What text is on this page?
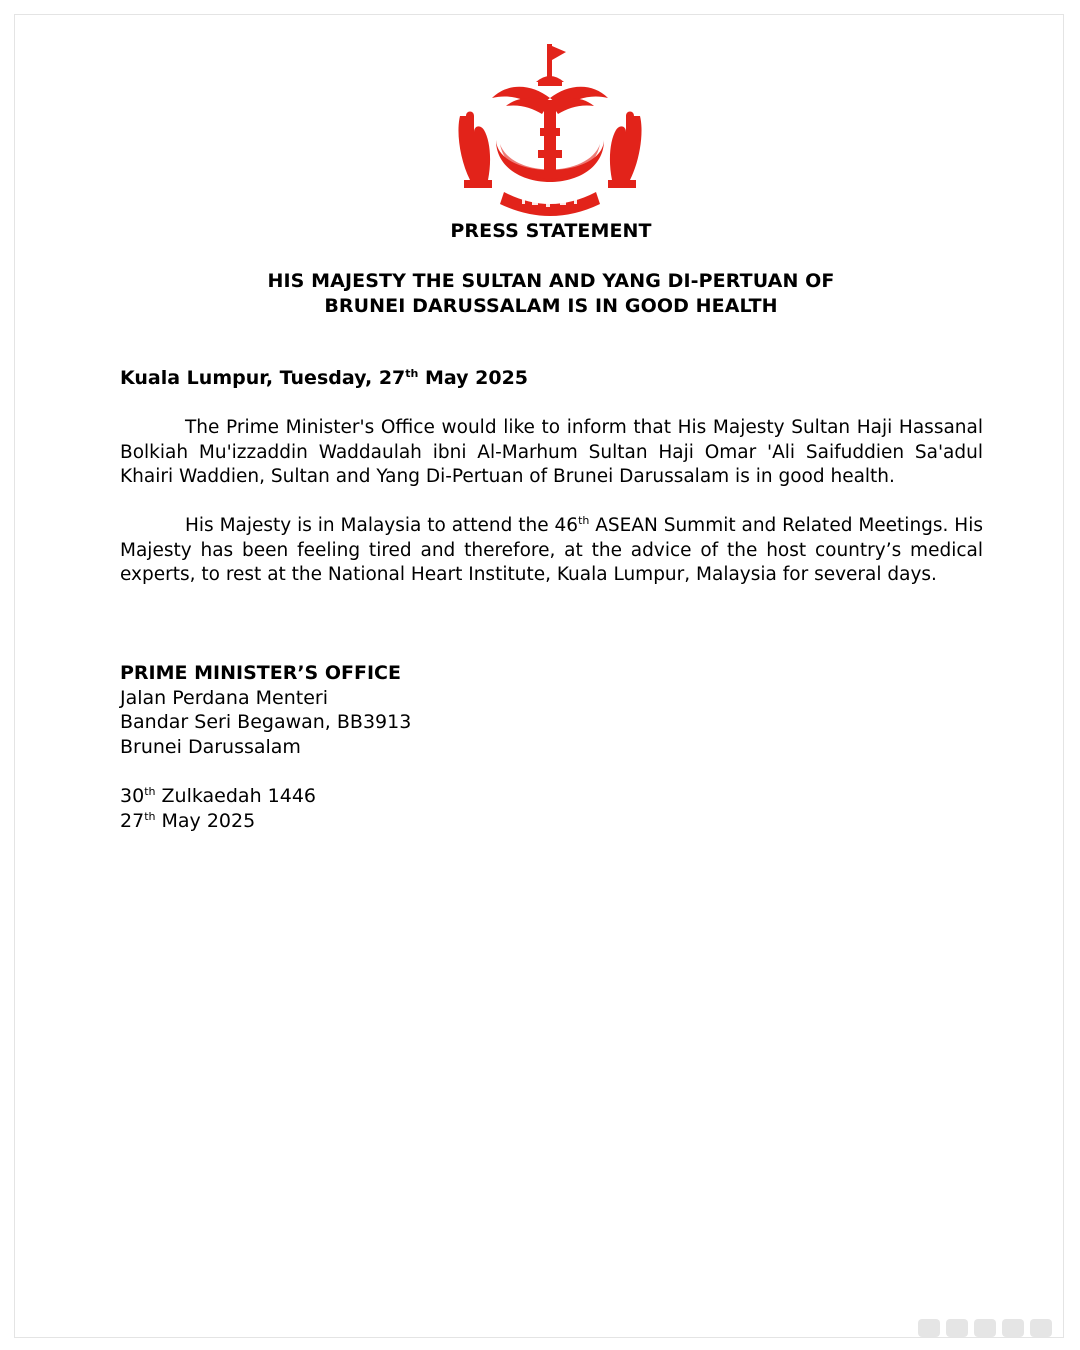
PRESS STATEMENT
HIS MAJESTY THE SULTAN AND YANG DI-PERTUAN OF
BRUNEI DARUSSALAM IS IN GOOD HEALTH
Kuala Lumpur, Tuesday, 27th May 2025

The Prime Minister's Office would like to inform that His Majesty Sultan Haji Hassanal Bolkiah Mu'izzaddin Waddaulah ibni Al-Marhum Sultan Haji Omar 'Ali Saifuddien Sa'adul Khairi Waddien, Sultan and Yang Di-Pertuan of Brunei Darussalam is in good health.

His Majesty is in Malaysia to attend the 46th ASEAN Summit and Related Meetings. His Majesty has been feeling tired and therefore, at the advice of the host country’s medical experts, to rest at the National Heart Institute, Kuala Lumpur, Malaysia for several days.

PRIME MINISTER’S OFFICE
Jalan Perdana Menteri
Bandar Seri Begawan, BB3913
Brunei Darussalam
30th Zulkaedah 1446
27th May 2025
